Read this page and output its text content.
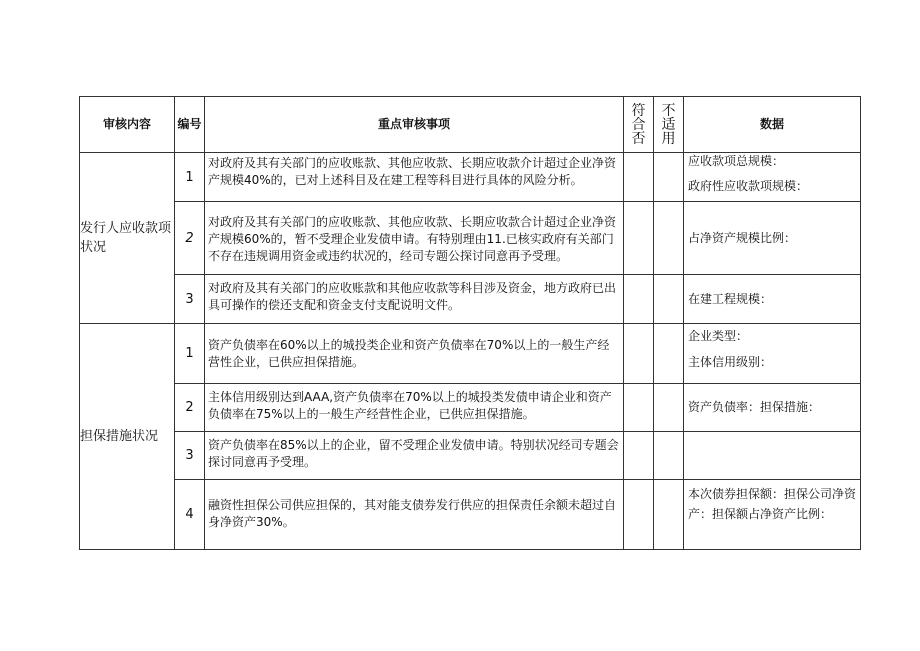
审核内容	编号	重点审核事项	符合否	不适用	数据
发行人应收款项状况	1	对政府及其有关部门的应收账款、其他应收款、长期应收款介计超过企业净资产规模40%的，已对上述科目及在建工程等科目进行具体的风险分析。			应收款项总规模：
政府性应收款项规模：

	2	对政府及其有关部门的应收账款、其他应收款、长期应收款合计超过企业净资产规模60%的，暂不受理企业发债申请。有特别理由11.已核实政府有关部门不存在违规调用资金或违约状况的，经司专题公探讨同意再予受理。			占净资产规模比例：

	3	对政府及其有关部门的应收账款和其他应收款等科目涉及资金，地方政府已出具可操作的偿还支配和资金支付支配说明文件。			在建工程规模：

担保措施状况	1	资产负债率在60%以上的城投类企业和资产负债率在70%以上的一般生产经营性企业，已供应担保措施。			企业类型：
主体信用级别：

	2	主体信用级别达到AAA,资产负债率在70%以上的城投类发债申请企业和资产负债率在75%以上的一般生产经营性企业，已供应担保措施。			资产负债率：担保措施：

	3	资产负债率在85%以上的企业，留不受理企业发债申请。特别状况经司专题会探讨同意再予受理。			
	4	融资性担保公司供应担保的，其对能支债券发行供应的担保责任余额未超过自身净资产30%。			本次债券担保额：担保公司净资产：担保额占净资产比例：
